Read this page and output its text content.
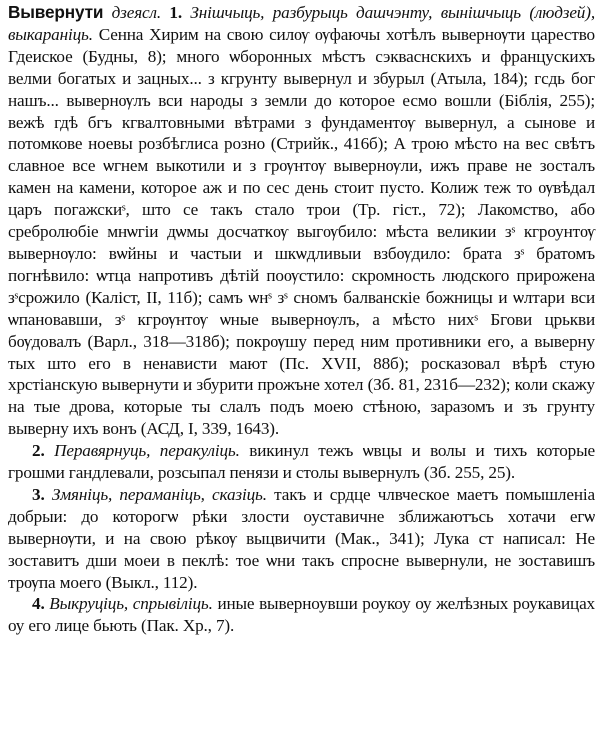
Вывернути дзеясл. 1. Знішчыць, разбурыць дашчэнту, вынішчыць (людзей), выкараніць. Сенна Хирим на свою силѹ ѹфаючы хотѣлъ вывернѹти царество Гдеиское (Будны, 8); много ѡборонных мѣстъ сэкваснскихъ и францускихъ велми богатых и зацных... з кгрунту вывернул и збурыл (Атыла, 184); гсдь бог нашъ... вывернѹлъ вси народы з земли до которое есмо вошли (Біблія, 255); вежѣ гдѣ бгъ кгвалтовными вѣтрами з фундаментѹ вывернул, а сынове и потомкове ноевы розбѣглиса розно (Стрийк., 416б); А трою мѣсто на вес свѣтъ славное все ѡгнем выкотили и з грѹнтѹ вывернѹли, ижъ праве не зосталъ камен на камени, которое аж и по сес день стоит пусто. Колиж теж то ѹвѣдал царъ погажскиˢ, што се такъ стало трои (Тр. гіст., 72); Лакомство, або сребролюбіе мнѡгiи дѡмы досчаткѹ выгѹбило: мѣста великии зˢ кгроунтѹ вывернѹло: вѡйны и частыи и шкѡдливыи взбѹдило: брата зˢ братомъ погнѣвило: ѡтца напротивъ дѣтій поѹстило: скромность людского прирожена зˢсрожило (Каліст, II, 11б); самъ ѡнˢ зˢ сномъ балванскіе божницы и ѡлтари вси ѡпановавши, зˢ кгрѹнтѹ ѡныe вывернѹлъ, а мѣсто нихˢ Бгови црькви бѹдовалъ (Варл., 318—318б); покрѹшу перед ним противники его, а выверну тых што его в ненависти мают (Пс. XVII, 88б); росказовал вѣрѣ стую хрстіанскую вывернути и збурити прожъне хотел (Зб. 81, 231б—232); коли скажу на тые дрова, которые ты слалъ подъ моею стѣною, заразомъ и зъ грунту выверну ихъ вонъ (АСД, I, 339, 1643).

2. Перавярнуць, перакуліць. викинул тежъ ѡвцы и волы и тихъ которые грошми гандлевали, розсыпал пенязи и столы вывернулъ (Зб. 255, 25).

3. Змяніць, пераманіць, сказіць. такъ и срдце члвческое маетъ помышленіа добрыи: до которогѡ рѣки злости оуставичне зближаютъсь хотачи егѡ вывернѹти, и на свою рѣкѹ выцвичити (Мак., 341); Лука ст написал: Не зоставитъ дши моеи в пеклѣ: тое ѡни такъ спросне вывернули, не зоставишъ трѹпа моего (Выкл., 112).

4. Выкруціць, спрывіліць. иные выверноувши роукоу оу желѣзных роукавицах оу его лице бьють (Пак. Хр., 7).
